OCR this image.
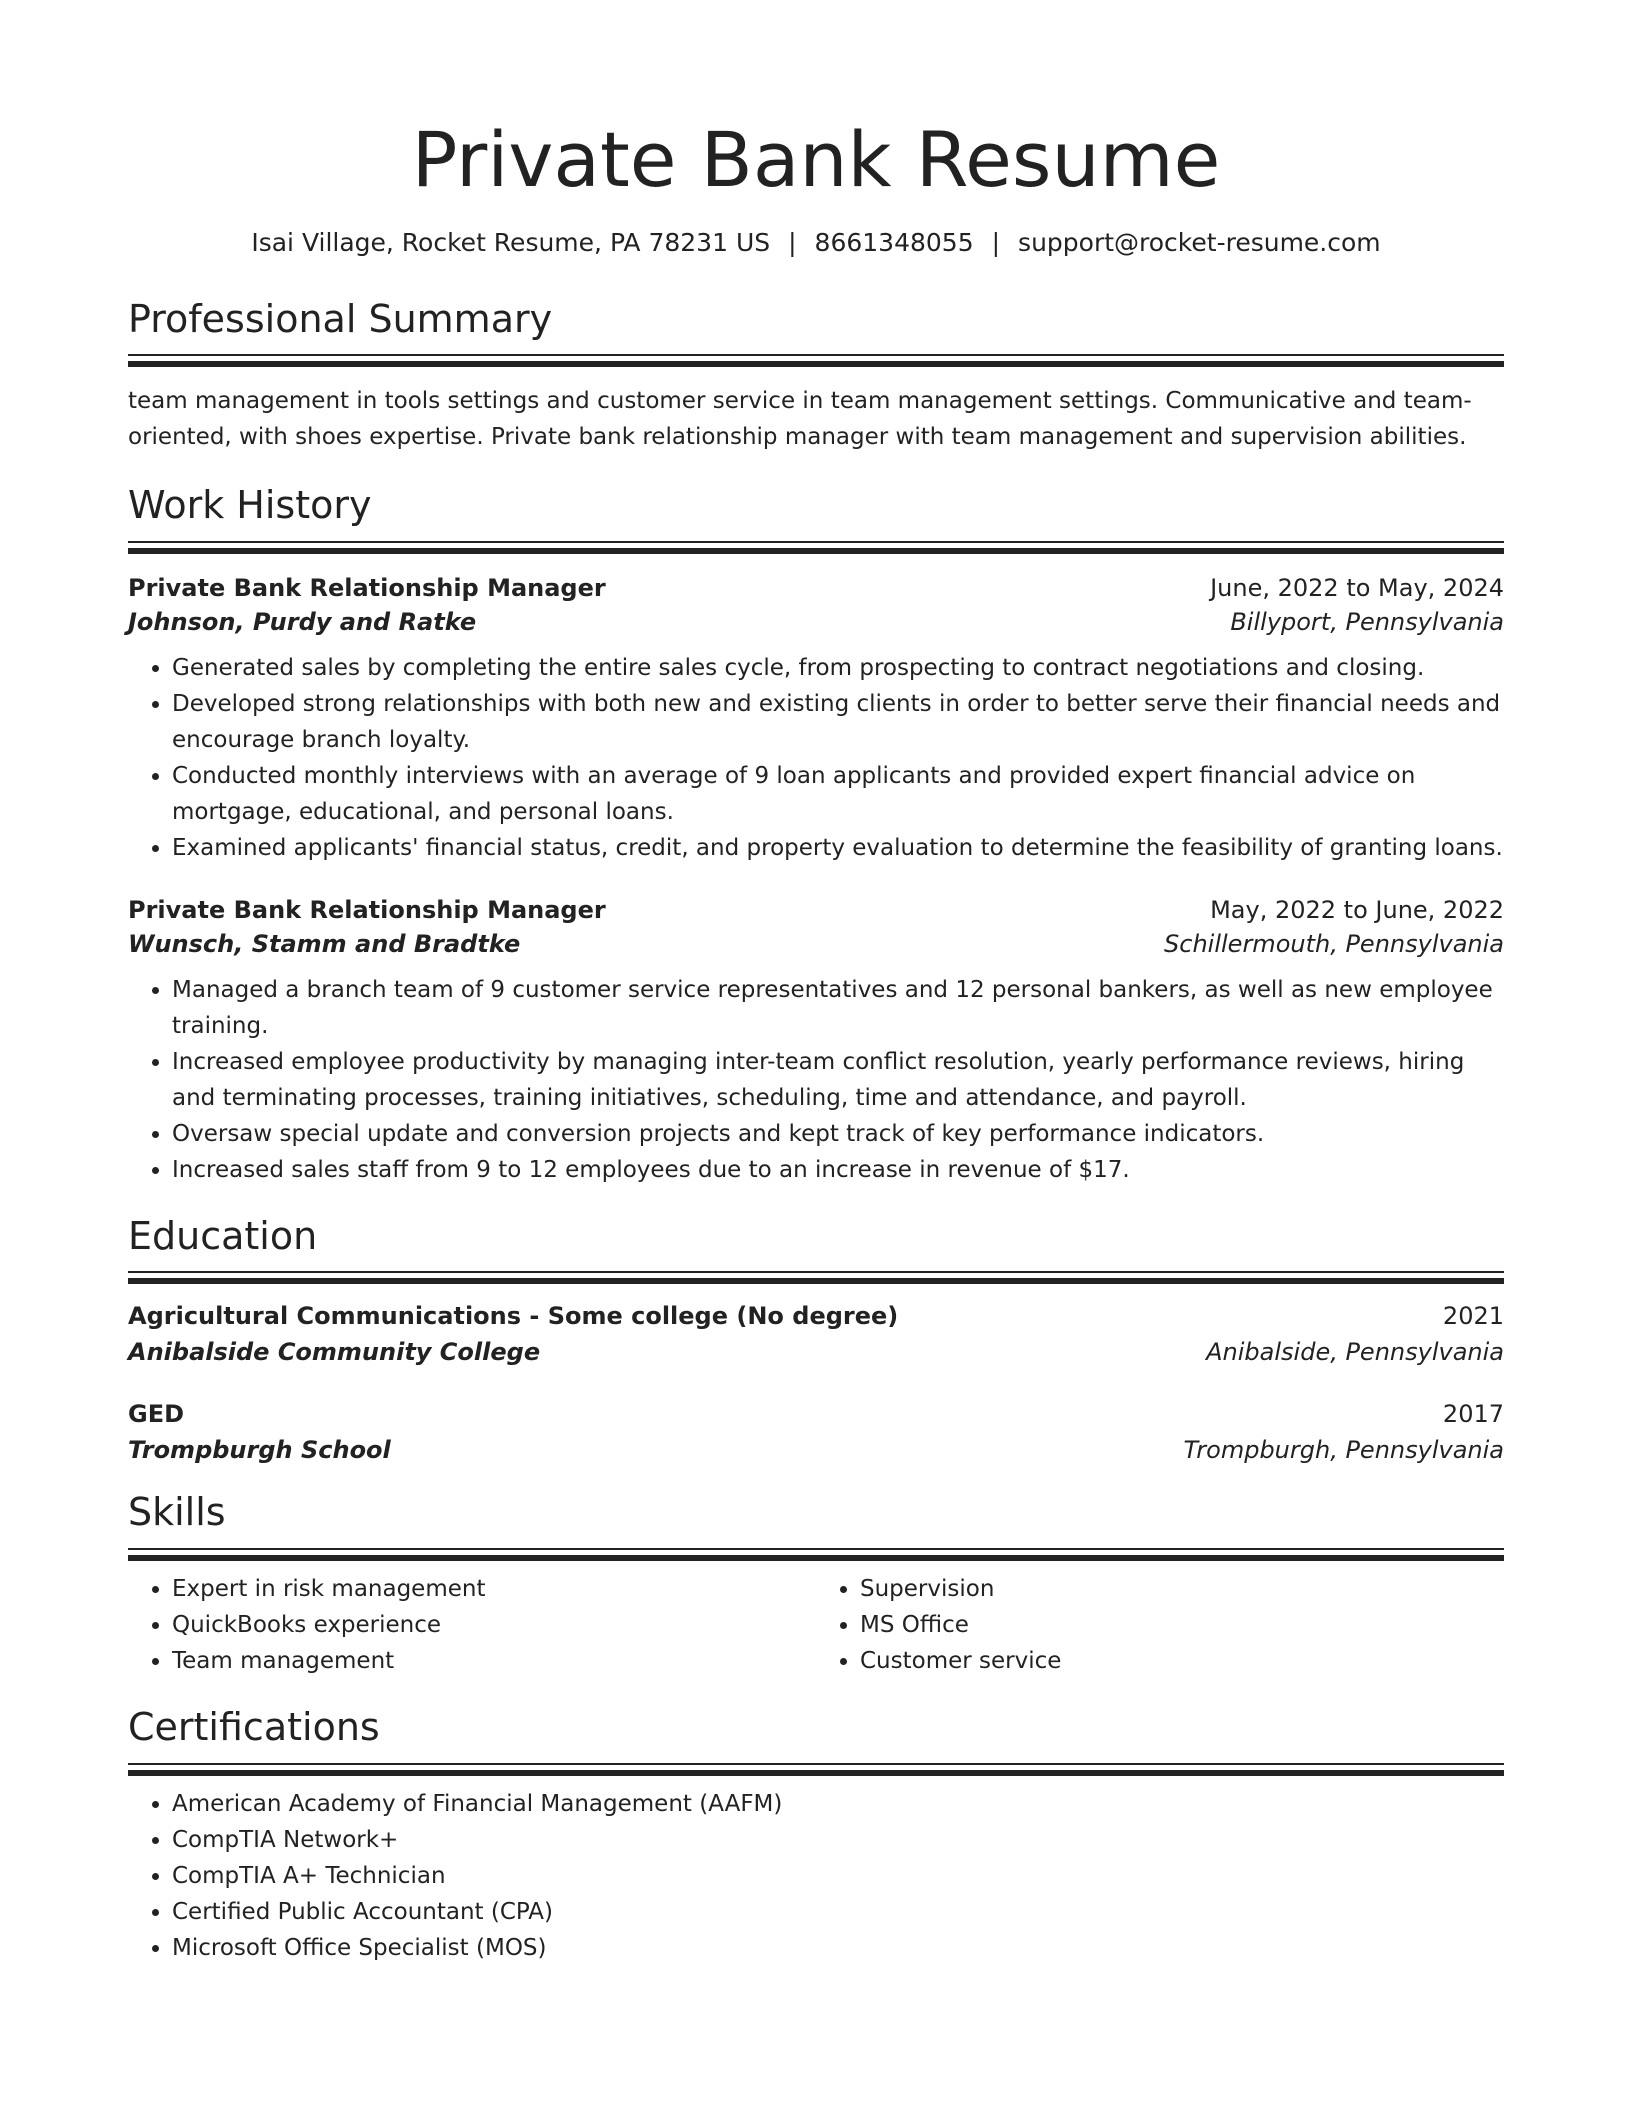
Private Bank Resume
Isai Village, Rocket Resume, PA 78231 US | 8661348055 | support@rocket-resume.com
Professional Summary
team management in tools settings and customer service in team management settings. Communicative and team-oriented, with shoes expertise. Private bank relationship manager with team management and supervision abilities.
Work History
Private Bank Relationship Manager	June, 2022 to May, 2024
Johnson, Purdy and Ratke	Billyport, Pennsylvania
• Generated sales by completing the entire sales cycle, from prospecting to contract negotiations and closing.
• Developed strong relationships with both new and existing clients in order to better serve their financial needs and encourage branch loyalty.
• Conducted monthly interviews with an average of 9 loan applicants and provided expert financial advice on mortgage, educational, and personal loans.
• Examined applicants' financial status, credit, and property evaluation to determine the feasibility of granting loans.
Private Bank Relationship Manager	May, 2022 to June, 2022
Wunsch, Stamm and Bradtke	Schillermouth, Pennsylvania
• Managed a branch team of 9 customer service representatives and 12 personal bankers, as well as new employee training.
• Increased employee productivity by managing inter-team conflict resolution, yearly performance reviews, hiring and terminating processes, training initiatives, scheduling, time and attendance, and payroll.
• Oversaw special update and conversion projects and kept track of key performance indicators.
• Increased sales staff from 9 to 12 employees due to an increase in revenue of $17.
Education
Agricultural Communications - Some college (No degree)	2021
Anibalside Community College	Anibalside, Pennsylvania
GED	2017
Trompburgh School	Trompburgh, Pennsylvania
Skills
• Expert in risk management
• QuickBooks experience
• Team management
• Supervision
• MS Office
• Customer service
Certifications
• American Academy of Financial Management (AAFM)
• CompTIA Network+
• CompTIA A+ Technician
• Certified Public Accountant (CPA)
• Microsoft Office Specialist (MOS)
